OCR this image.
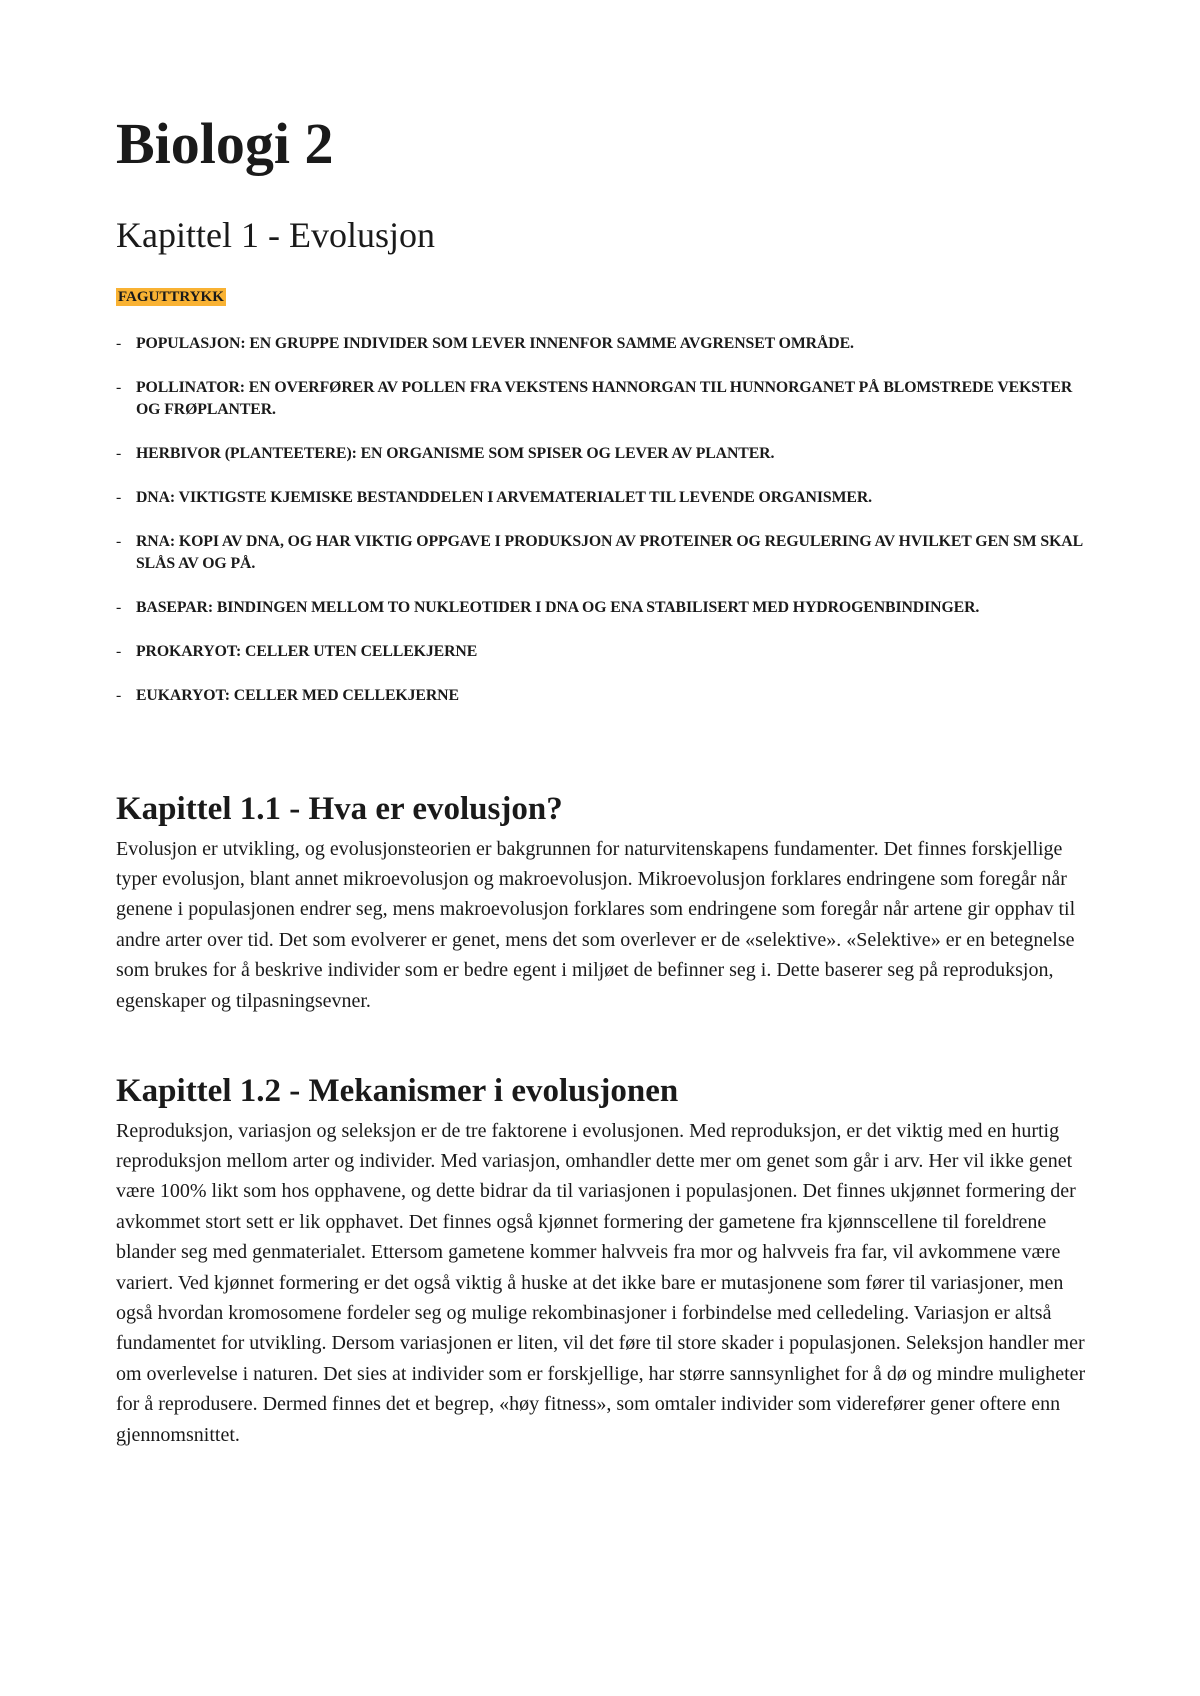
Biologi 2
Kapittel 1 - Evolusjon
FAGUTTRYKK
- POPULASJON: EN GRUPPE INDIVIDER SOM LEVER INNENFOR SAMME AVGRENSET OMRÅDE.
- POLLINATOR: EN OVERFØRER AV POLLEN FRA VEKSTENS HANNORGAN TIL HUNNORGANET PÅ BLOMSTREDE VEKSTER OG FRØPLANTER.
- HERBIVOR (PLANTEETERE): EN ORGANISME SOM SPISER OG LEVER AV PLANTER.
- DNA: VIKTIGSTE KJEMISKE BESTANDDELEN I ARVEMATERIALET TIL LEVENDE ORGANISMER.
- RNA: KOPI AV DNA, OG HAR VIKTIG OPPGAVE I PRODUKSJON AV PROTEINER OG REGULERING AV HVILKET GEN SM SKAL SLÅS AV OG PÅ.
- BASEPAR: BINDINGEN MELLOM TO NUKLEOTIDER I DNA OG ENA STABILISERT MED HYDROGENBINDINGER.
- PROKARYOT: CELLER UTEN CELLEKJERNE
- EUKARYOT: CELLER MED CELLEKJERNE
Kapittel 1.1 - Hva er evolusjon?

Evolusjon er utvikling, og evolusjonsteorien er bakgrunnen for naturvitenskapens fundamenter. Det finnes forskjellige typer evolusjon, blant annet mikroevolusjon og makroevolusjon. Mikroevolusjon forklares endringene som foregår når genene i populasjonen endrer seg, mens makroevolusjon forklares som endringene som foregår når artene gir opphav til andre arter over tid. Det som evolverer er genet, mens det som overlever er de «selektive». «Selektive» er en betegnelse som brukes for å beskrive individer som er bedre egent i miljøet de befinner seg i. Dette baserer seg på reproduksjon, egenskaper og tilpasningsevner.

Kapittel 1.2 - Mekanismer i evolusjonen

Reproduksjon, variasjon og seleksjon er de tre faktorene i evolusjonen. Med reproduksjon, er det viktig med en hurtig reproduksjon mellom arter og individer. Med variasjon, omhandler dette mer om genet som går i arv. Her vil ikke genet være 100% likt som hos opphavene, og dette bidrar da til variasjonen i populasjonen. Det finnes ukjønnet formering der avkommet stort sett er lik opphavet. Det finnes også kjønnet formering der gametene fra kjønnscellene til foreldrene blander seg med genmaterialet. Ettersom gametene kommer halvveis fra mor og halvveis fra far, vil avkommene være variert. Ved kjønnet formering er det også viktig å huske at det ikke bare er mutasjonene som fører til variasjoner, men også hvordan kromosomene fordeler seg og mulige rekombinasjoner i forbindelse med celledeling. Variasjon er altså fundamentet for utvikling. Dersom variasjonen er liten, vil det føre til store skader i populasjonen. Seleksjon handler mer om overlevelse i naturen. Det sies at individer som er forskjellige, har større sannsynlighet for å dø og mindre muligheter for å reprodusere. Dermed finnes det et begrep, «høy fitness», som omtaler individer som viderefører gener oftere enn gjennomsnittet.
